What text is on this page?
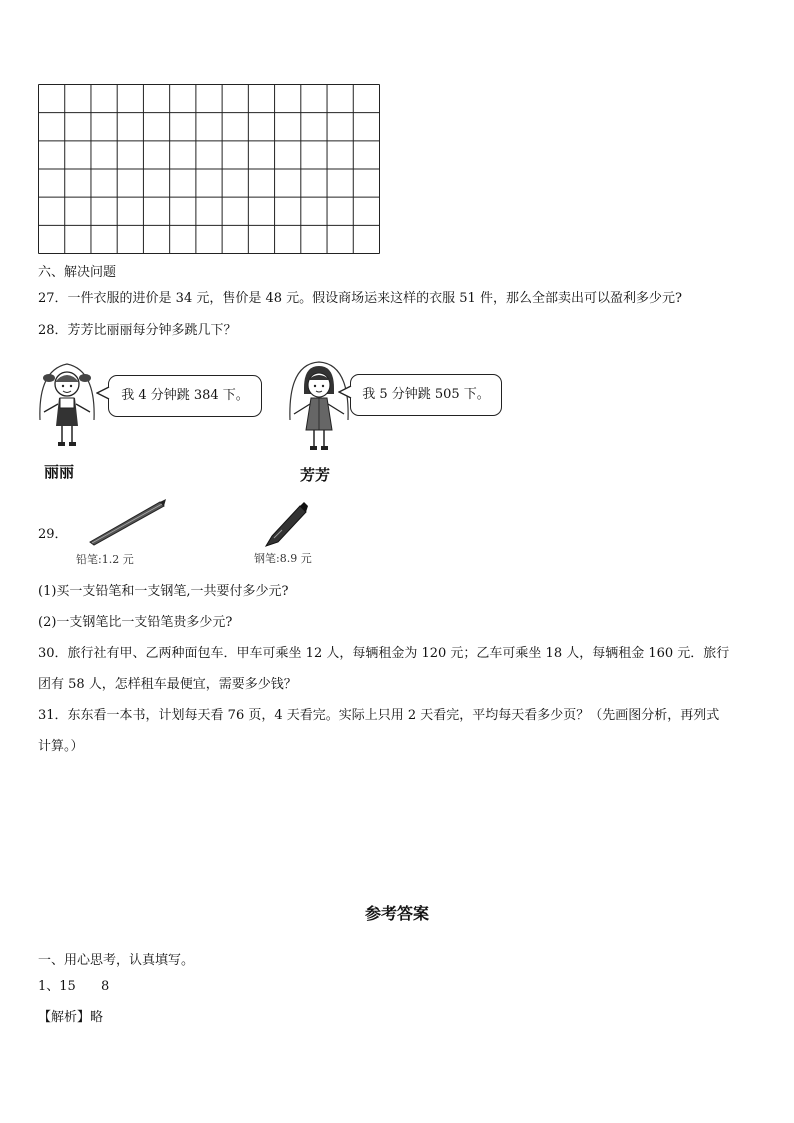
六、解决问题
27．一件衣服的进价是 34 元，售价是 48 元。假设商场运来这样的衣服 51 件，那么全部卖出可以盈利多少元?
28．芳芳比丽丽每分钟多跳几下？
我 4 分钟跳 384 下。
丽丽
我 5 分钟跳 505 下。
芳芳
29．
铅笔:1.2 元	钢笔:8.9 元
(1)买一支铅笔和一支钢笔,一共要付多少元?
(2)一支钢笔比一支铅笔贵多少元?
30．旅行社有甲、乙两种面包车．甲车可乘坐 12 人，每辆租金为 120 元；乙车可乘坐 18 人，每辆租金 160 元．旅行
团有 58 人，怎样租车最便宜，需要多少钱？
31．东东看一本书，计划每天看 76 页，4 天看完。实际上只用 2 天看完，平均每天看多少页？（先画图分析，再列式
计算。）
参考答案
一、用心思考，认真填写。
1、15 8
【解析】略
